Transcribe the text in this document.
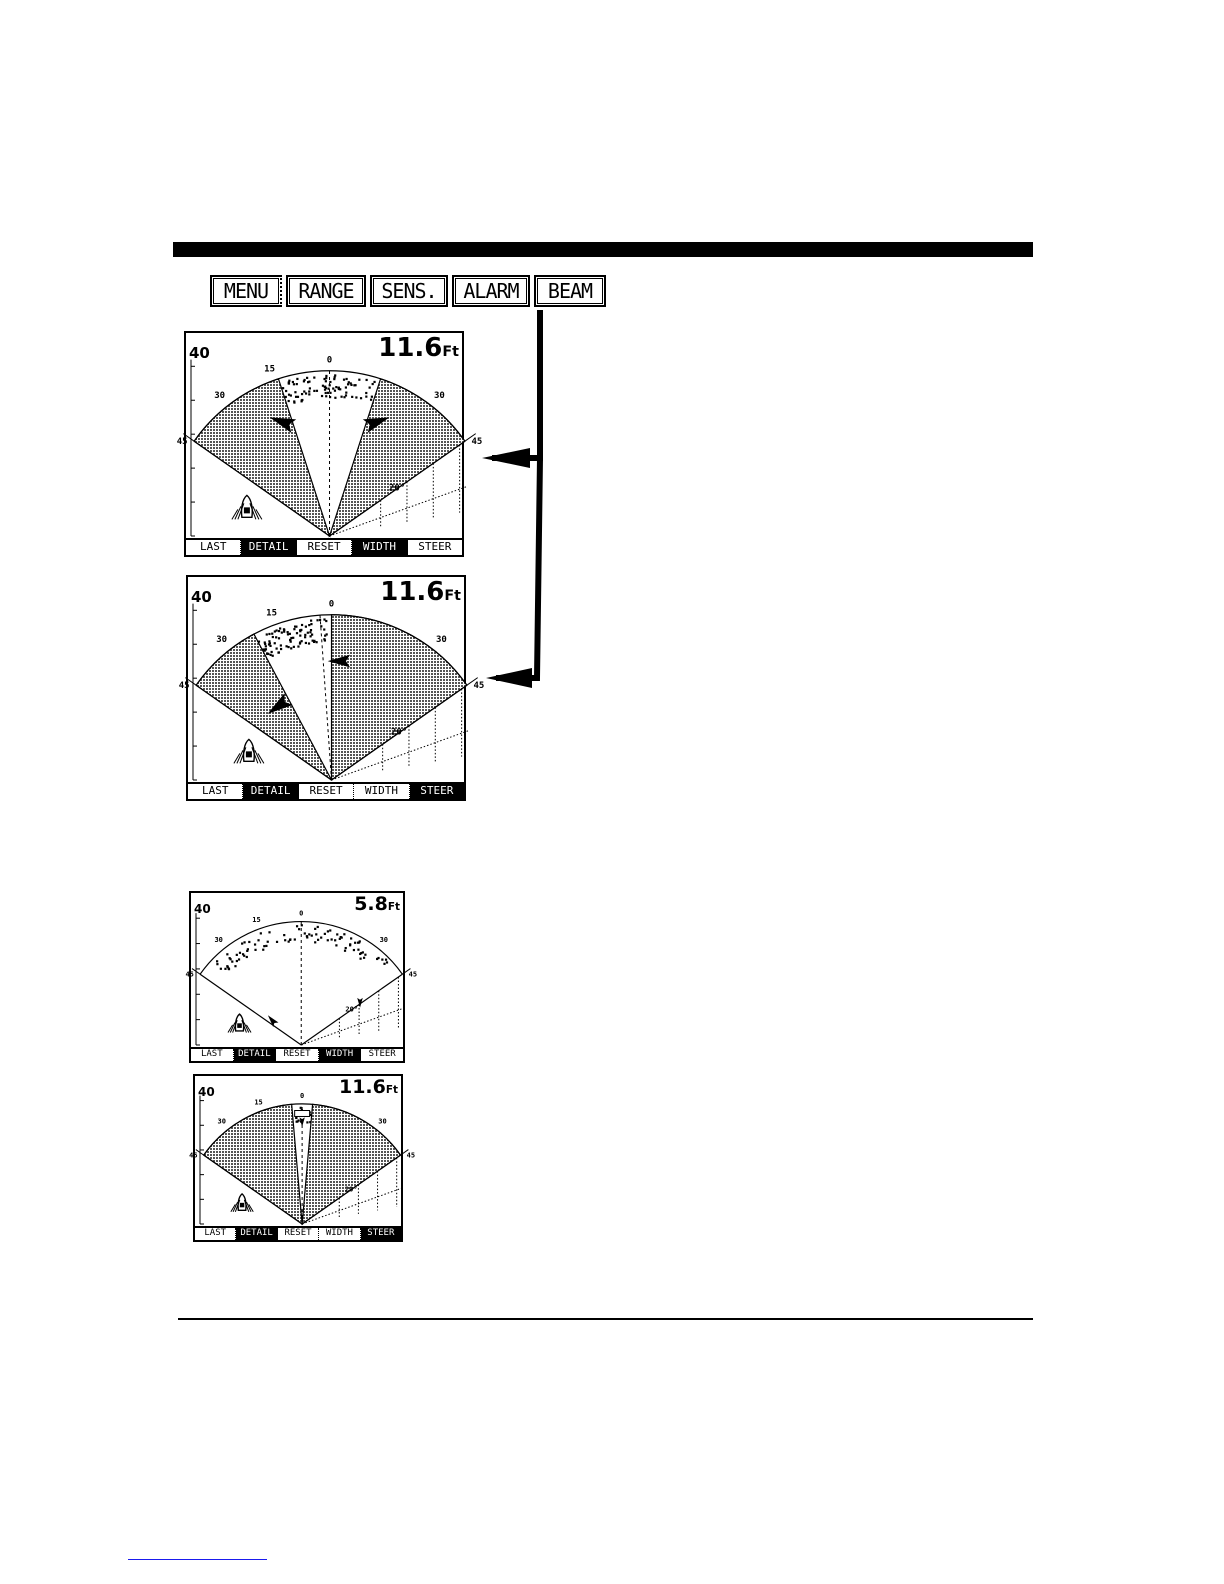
MENU	RANGE	SENS.	ALARM	BEAM
0
15
30	30
45	45
20°
11.6Ft
40
LAST	DETAIL	RESET	WIDTH	STEER
0
15
30	30
45	45
20°
11.6Ft
40
LAST	DETAIL	RESET	WIDTH	STEER
0
15
30	30
45	45
20°
5.8Ft
40
LAST	DETAIL	RESET	WIDTH	STEER
0
15
30	30
45	45
20°
11.6Ft
40
LAST	DETAIL	RESET	WIDTH	STEER
